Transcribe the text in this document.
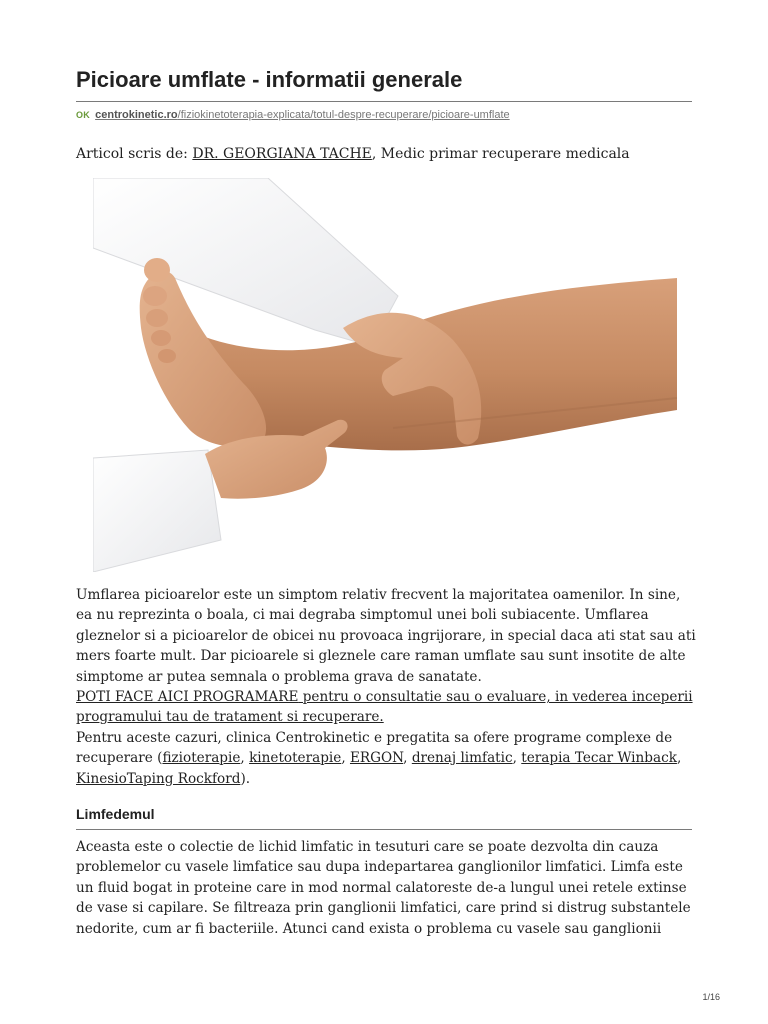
Picioare umflate - informatii generale
OK centrokinetic.ro/fiziokinetoterapia-explicata/totul-despre-recuperare/picioare-umflate
Articol scris de: DR. GEORGIANA TACHE, Medic primar recuperare medicala

Umflarea picioarelor este un simptom relativ frecvent la majoritatea oamenilor. In sine, ea nu reprezinta o boala, ci mai degraba simptomul unei boli subiacente. Umflarea gleznelor si a picioarelor de obicei nu provoaca ingrijorare, in special daca ati stat sau ati mers foarte mult. Dar picioarele si gleznele care raman umflate sau sunt insotite de alte simptome ar putea semnala o problema grava de sanatate.

POTI FACE AICI PROGRAMARE pentru o consultatie sau o evaluare, in vederea inceperii programului tau de tratament si recuperare.

Pentru aceste cazuri, clinica Centrokinetic e pregatita sa ofere programe complexe de recuperare (fizioterapie, kinetoterapie, ERGON, drenaj limfatic, terapia Tecar Winback, KinesioTaping Rockford).

Limfedemul
Aceasta este o colectie de lichid limfatic in tesuturi care se poate dezvolta din cauza problemelor cu vasele limfatice sau dupa indepartarea ganglionilor limfatici. Limfa este un fluid bogat in proteine care in mod normal calatoreste de-a lungul unei retele extinse de vase si capilare. Se filtreaza prin ganglionii limfatici, care prind si distrug substantele nedorite, cum ar fi bacteriile. Atunci cand exista o problema cu vasele sau ganglionii
1/16
